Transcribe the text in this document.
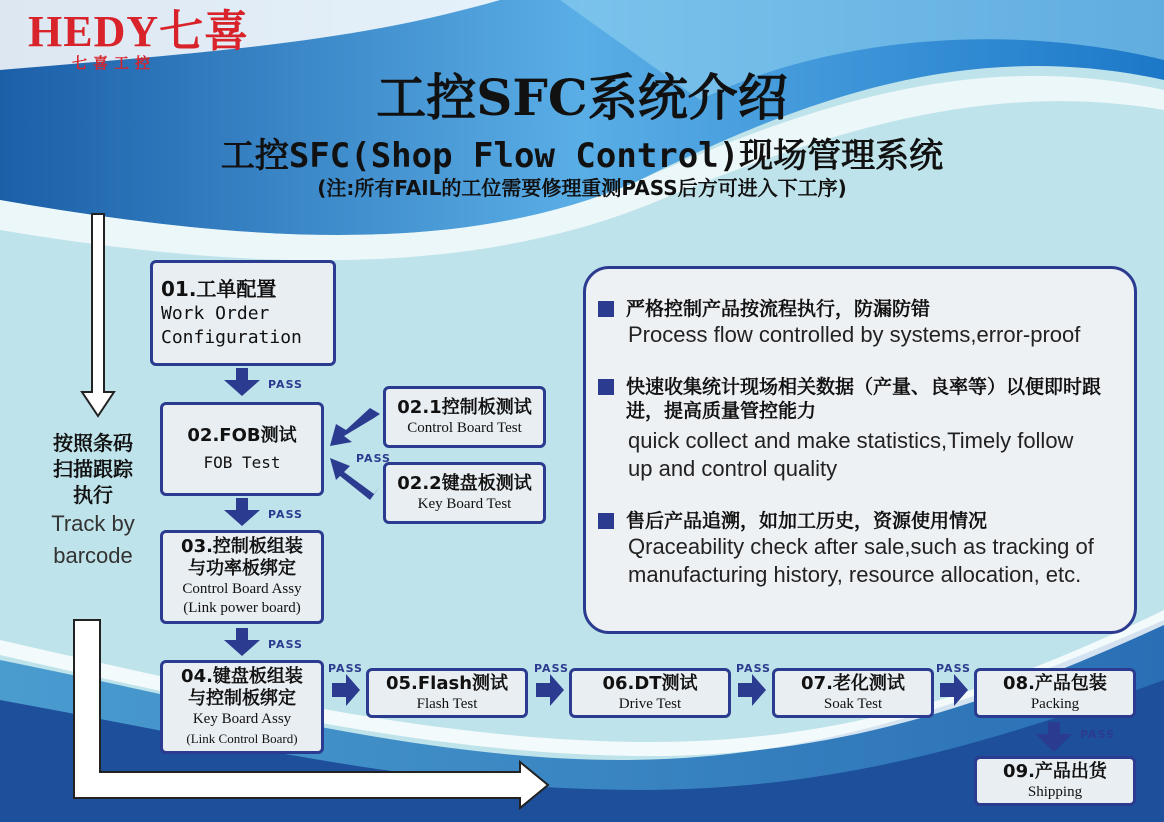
HEDY七喜
七喜工控
工控SFC系统介绍
工控SFC(Shop Flow Control)现场管理系统
(注:所有FAIL的工位需要修理重测PASS后方可进入下工序)
按照条码
扫描跟踪
执行
Track by
barcode
01.工单配置
Work Order
Configuration
02.FOB测试
FOB Test
02.1控制板测试
Control Board Test
02.2键盘板测试
Key Board Test
03.控制板组装
与功率板绑定
Control Board Assy
(Link power board)
04.键盘板组装
与控制板绑定
Key Board Assy
(Link Control Board)
05.Flash测试
Flash Test
06.DT测试
Drive Test
07.老化测试
Soak Test
08.产品包装
Packing
09.产品出货
Shipping
PASS
PASS
PASS
PASS
PASS	PASS	PASS	PASS
PASS
严格控制产品按流程执行，防漏防错
Process flow controlled by systems,error-proof
快速收集统计现场相关数据（产量、良率等）以便即时跟进，提高质量管控能力
quick collect and make statistics,Timely follow
up and control quality
售后产品追溯，如加工历史，资源使用情况
Qraceability check after sale,such as tracking of
manufacturing history, resource allocation, etc.
